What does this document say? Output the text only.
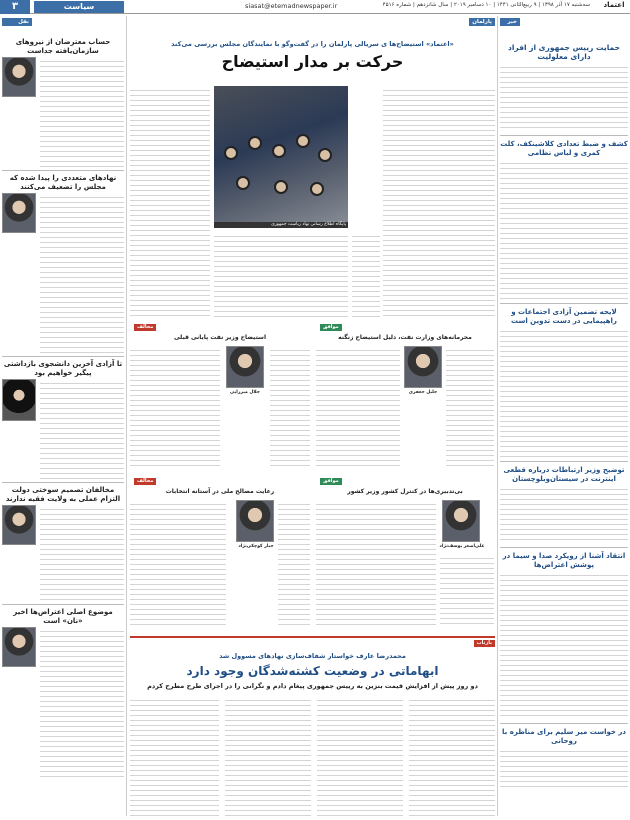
۳	سیاست	siasat@etemadnewspaper.ir	سه‌شنبه ۱۷ آذر ۱۳۹۸ | ۹ ربیع‌الثانی ۱۴۴۱ | ۱۰ دسامبر ۲۰۱۹ | سال شانزدهم | شماره ۴۵۱۶	اعتماد
خبر
حمایت رییس جمهوری از افراد دارای معلولیت
کشف و ضبط تعدادی کلاشینکف، کلت کمری و لباس نظامی
لایحه تضمین آزادی اجتماعات و راهپیمایی در دست تدوین است
توضیح وزیر ارتباطات درباره قطعی اینترنت در سیستان‌وبلوچستان
انتقاد آشنا از رویکرد صدا و سیما در پوشش اعتراض‌ها
در خواست میر سلیم برای مناظره با روحانی
پارلمان
«اعتماد» استیضاح‌ها ی سریالی پارلمان را در گفت‌وگو با نمایندگان مجلس بررسی می‌کند
حرکت بر مدار استیضاح
پایگاه اطلاع رسانی نهاد ریاست جمهوری
موافق
محرمانه‌های وزارت نفت، دلیل استیضاح زنگنه
جلیل جعفری
مخالف
استیضاح وزیر نفت پایانی قبلی
جلال میرزایی
موافق
بی‌تدبیری‌ها در کنترل کشور وزیر کشور
علی‌اصغر یوسف‌نژاد
مخالف
رعایت مصالح ملی در آستانه انتخابات
جبار کوچکی‌نژاد
بازتاب
محمدرضا عارف خواستار شفاف‌سازی نهادهای مسوول شد
ابهاماتی در وضعیت کشته‌شدگان وجود دارد
دو روز پیش از افزایش قیمت بنزین به رییس جمهوری پیغام دادم و نگرانی را در اجرای طرح مطرح کردم
نقل قول
حساب معترضان از نیروهای سازمان‌یافته جداست
نهادهای متعددی را پیدا شده که مجلس را تضعیف می‌کنند
تا آزادی آخرین دانشجوی بازداشتی پیگیر خواهیم بود
مخالفان تصمیم سوختی دولت التزام عملی به ولایت فقیه ندارند
موضوع اصلی اعتراض‌ها اخیر «نان» است
